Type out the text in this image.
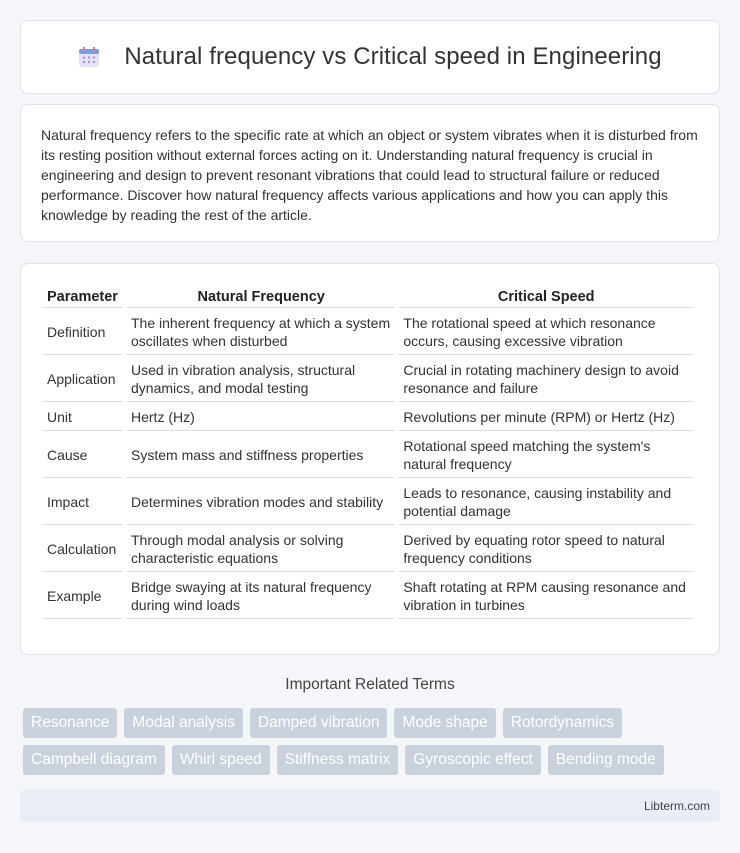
Natural frequency vs Critical speed in Engineering

Natural frequency refers to the specific rate at which an object or system vibrates when it is disturbed from its resting position without external forces acting on it. Understanding natural frequency is crucial in engineering and design to prevent resonant vibrations that could lead to structural failure or reduced performance. Discover how natural frequency affects various applications and how you can apply this knowledge by reading the rest of the article.

Parameter	Natural Frequency	Critical Speed
Definition	The inherent frequency at which a system oscillates when disturbed	The rotational speed at which resonance occurs, causing excessive vibration
Application	Used in vibration analysis, structural dynamics, and modal testing	Crucial in rotating machinery design to avoid resonance and failure
Unit	Hertz (Hz)	Revolutions per minute (RPM) or Hertz (Hz)
Cause	System mass and stiffness properties	Rotational speed matching the system's natural frequency
Impact	Determines vibration modes and stability	Leads to resonance, causing instability and potential damage
Calculation	Through modal analysis or solving characteristic equations	Derived by equating rotor speed to natural frequency conditions
Example	Bridge swaying at its natural frequency during wind loads	Shaft rotating at RPM causing resonance and vibration in turbines
Important Related Terms
Resonance	Modal analysis	Damped vibration	Mode shape	Rotordynamics
Campbell diagram	Whirl speed	Stiffness matrix	Gyroscopic effect	Bending mode
Libterm.com
